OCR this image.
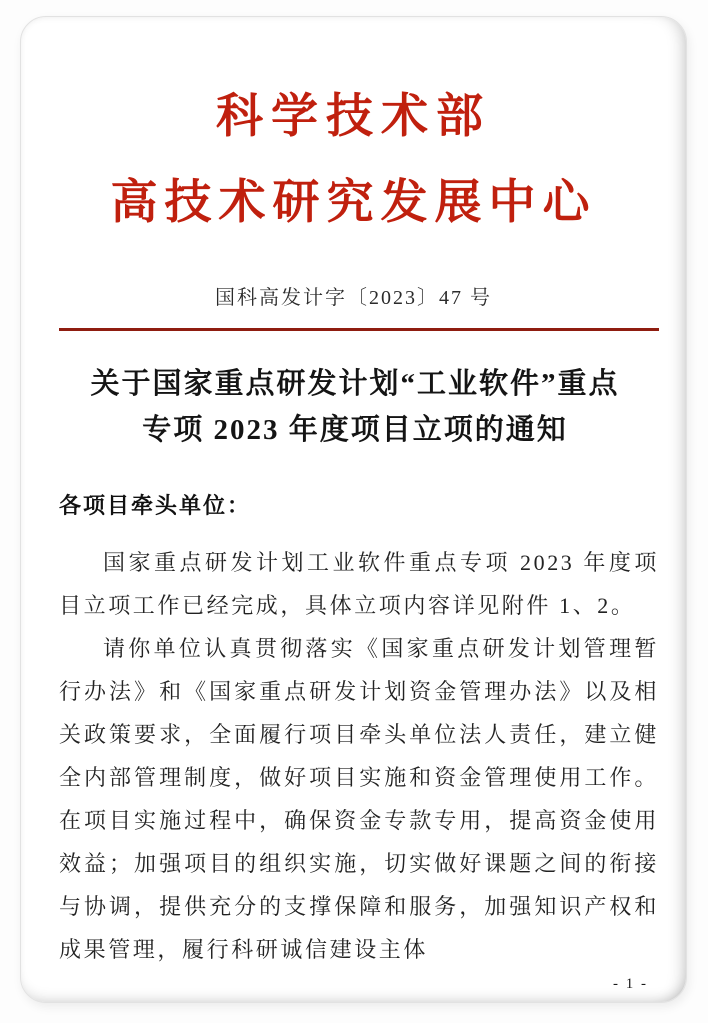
科学技术部
高技术研究发展中心
国科高发计字〔2023〕47 号
关于国家重点研发计划“工业软件”重点
专项 2023 年度项目立项的通知
各项目牵头单位：

国家重点研发计划工业软件重点专项 2023 年度项目立项工作已经完成，具体立项内容详见附件 1、2。

请你单位认真贯彻落实《国家重点研发计划管理暂行办法》和《国家重点研发计划资金管理办法》以及相关政策要求，全面履行项目牵头单位法人责任，建立健全内部管理制度，做好项目实施和资金管理使用工作。在项目实施过程中，确保资金专款专用，提高资金使用效益；加强项目的组织实施，切实做好课题之间的衔接与协调，提供充分的支撑保障和服务，加强知识产权和成果管理，履行科研诚信建设主体

- 1 -
